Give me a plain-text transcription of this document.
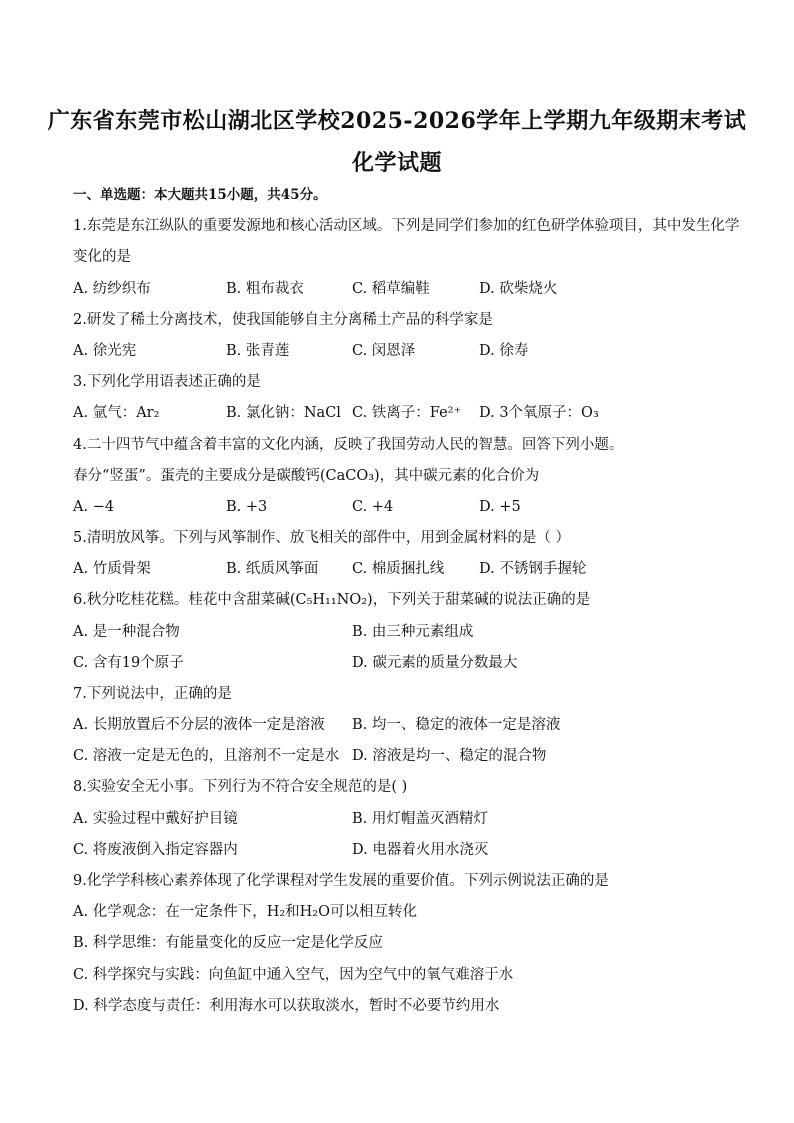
广东省东莞市松山湖北区学校2025-2026学年上学期九年级期末考试
化学试题
一、单选题：本大题共15小题，共45分。
1.东莞是东江纵队的重要发源地和核心活动区域。下列是同学们参加的红色研学体验项目，其中发生化学
变化的是
A. 纺纱织布	B. 粗布裁衣	C. 稻草编鞋	D. 砍柴烧火
2.研发了稀土分离技术，使我国能够自主分离稀土产品的科学家是
A. 徐光宪	B. 张青莲	C. 闵恩泽	D. 徐寿
3.下列化学用语表述正确的是
A. 氩气：Ar₂	B. 氯化钠：NaCl C. 铁离子：Fe²⁺ D. 3个氧原子：O₃
4.二十四节气中蕴含着丰富的文化内涵，反映了我国劳动人民的智慧。回答下列小题。
春分“竖蛋”。蛋壳的主要成分是碳酸钙(CaCO₃)，其中碳元素的化合价为
A. −4	B. +3	C. +4	D. +5
5.清明放风筝。下列与风筝制作、放飞相关的部件中，用到金属材料的是（ ）
A. 竹质骨架	B. 纸质风筝面 C. 棉质捆扎线 D. 不锈钢手握轮
6.秋分吃桂花糕。桂花中含甜菜碱(C₅H₁₁NO₂)，下列关于甜菜碱的说法正确的是
A. 是一种混合物	B. 由三种元素组成
C. 含有19个原子	D. 碳元素的质量分数最大
7.下列说法中，正确的是
A. 长期放置后不分层的液体一定是溶液 B. 均一、稳定的液体一定是溶液
C. 溶液一定是无色的，且溶剂不一定是水 D. 溶液是均一、稳定的混合物
8.实验安全无小事。下列行为不符合安全规范的是( )
A. 实验过程中戴好护目镜	B. 用灯帽盖灭酒精灯
C. 将废液倒入指定容器内	D. 电器着火用水浇灭
9.化学学科核心素养体现了化学课程对学生发展的重要价值。下列示例说法正确的是
A. 化学观念：在一定条件下，H₂和H₂O可以相互转化
B. 科学思维：有能量变化的反应一定是化学反应
C. 科学探究与实践：向鱼缸中通入空气，因为空气中的氧气难溶于水
D. 科学态度与责任：利用海水可以获取淡水，暂时不必要节约用水
